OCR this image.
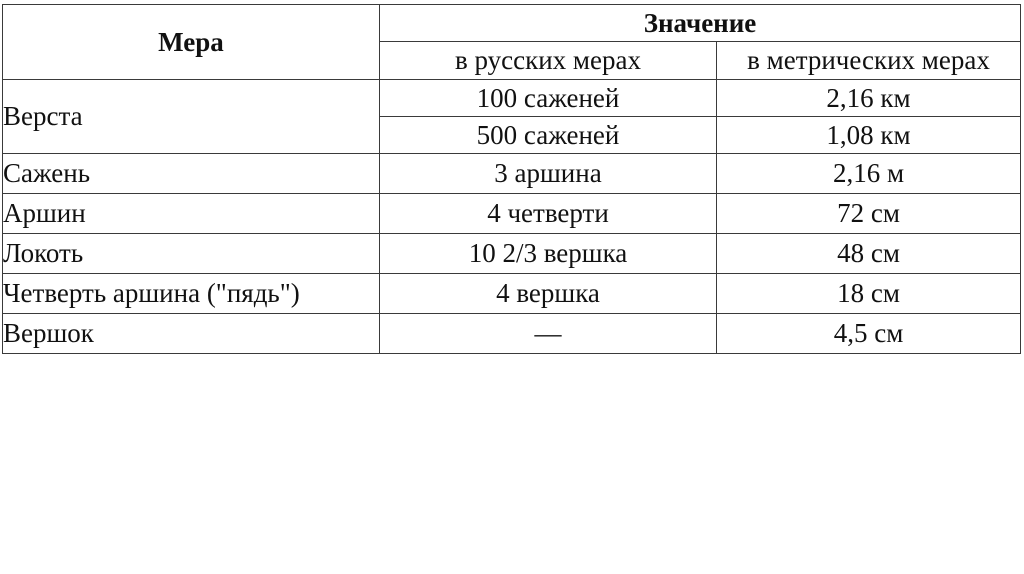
Мера	Значение	
	в русских мерах	в метрических мерах
Верста	100 саженей	2,16 км
	500 саженей	1,08 км
Сажень	3 аршина	2,16 м
Аршин	4 четверти	72 см
Локоть	10 2/3 вершка	48 см
Четверть аршина ("пядь")	4 вершка	18 см
Вершок	—	4,5 см
